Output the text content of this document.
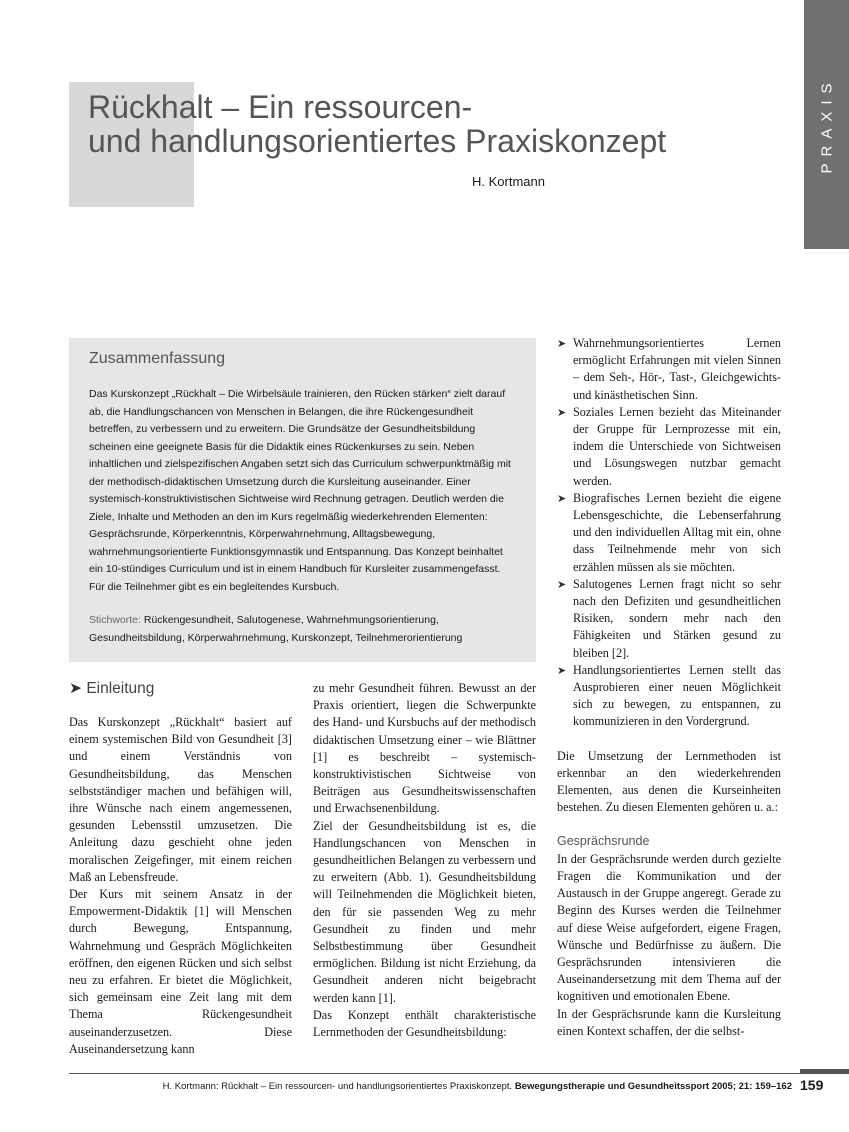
PRAXIS
Rückhalt – Ein ressourcen-
und handlungsorientiertes Praxiskonzept
H. Kortmann
Zusammenfassung

Das Kurskonzept „Rückhalt – Die Wirbelsäule trainieren, den Rücken stärken“ zielt darauf ab, die Handlungschancen von Menschen in Belangen, die ihre Rückengesundheit betreffen, zu verbessern und zu erweitern. Die Grundsätze der Gesundheitsbildung scheinen eine geeignete Basis für die Didaktik eines Rückenkurses zu sein. Neben inhaltlichen und zielspezifischen Angaben setzt sich das Curriculum schwerpunktmäßig mit der methodisch-didaktischen Umsetzung durch die Kursleitung auseinander. Einer systemisch-konstruktivistischen Sichtweise wird Rechnung getragen. Deutlich werden die Ziele, Inhalte und Methoden an den im Kurs regelmäßig wiederkehrenden Elementen: Gesprächsrunde, Körperkenntnis, Körperwahrnehmung, Alltagsbewegung, wahrnehmungsorientierte Funktionsgymnastik und Entspannung. Das Konzept beinhaltet ein 10-stündiges Curriculum und ist in einem Handbuch für Kursleiter zusammengefasst. Für die Teilnehmer gibt es ein begleitendes Kursbuch.

Stichworte: Rückengesundheit, Salutogenese, Wahrnehmungsorientierung, Gesundheitsbildung, Körperwahrnehmung, Kurskonzept, Teilnehmerorientierung

➤ Einleitung

Das Kurskonzept „Rückhalt“ basiert auf einem systemischen Bild von Gesundheit [3] und einem Verständnis von Gesundheitsbildung, das Menschen selbstständiger machen und befähigen will, ihre Wünsche nach einem angemessenen, gesunden Lebensstil umzusetzen. Die Anleitung dazu geschieht ohne jeden moralischen Zeigefinger, mit einem reichen Maß an Lebensfreude.

Der Kurs mit seinem Ansatz in der Empowerment-Didaktik [1] will Menschen durch Bewegung, Entspannung, Wahrnehmung und Gespräch Möglichkeiten eröffnen, den eigenen Rücken und sich selbst neu zu erfahren. Er bietet die Möglichkeit, sich gemeinsam eine Zeit lang mit dem Thema Rückengesundheit auseinanderzusetzen. Diese Auseinandersetzung kann

zu mehr Gesundheit führen. Bewusst an der Praxis orientiert, liegen die Schwerpunkte des Hand- und Kursbuchs auf der methodisch didaktischen Umsetzung einer – wie Blättner [1] es beschreibt – systemisch-konstruktivistischen Sichtweise von Beiträgen aus Gesundheitswissenschaften und Erwachsenenbildung.

Ziel der Gesundheitsbildung ist es, die Handlungschancen von Menschen in gesundheitlichen Belangen zu verbessern und zu erweitern (Abb. 1). Gesundheitsbildung will Teilnehmenden die Möglichkeit bieten, den für sie passenden Weg zu mehr Gesundheit zu finden und mehr Selbstbestimmung über Gesundheit ermöglichen. Bildung ist nicht Erziehung, da Gesundheit anderen nicht beigebracht werden kann [1].

Das Konzept enthält charakteristische Lernmethoden der Gesundheitsbildung:

➤ Wahrnehmungsorientiertes Lernen ermöglicht Erfahrungen mit vielen Sinnen – dem Seh-, Hör-, Tast-, Gleichgewichts- und kinästhetischen Sinn.
➤ Soziales Lernen bezieht das Miteinander der Gruppe für Lernprozesse mit ein, indem die Unterschiede von Sichtweisen und Lösungswegen nutzbar gemacht werden.
➤ Biografisches Lernen bezieht die eigene Lebensgeschichte, die Lebenserfahrung und den individuellen Alltag mit ein, ohne dass Teilnehmende mehr von sich erzählen müssen als sie möchten.
➤ Salutogenes Lernen fragt nicht so sehr nach den Defiziten und gesundheitlichen Risiken, sondern mehr nach den Fähigkeiten und Stärken gesund zu bleiben [2].
➤ Handlungsorientiertes Lernen stellt das Ausprobieren einer neuen Möglichkeit sich zu bewegen, zu entspannen, zu kommunizieren in den Vordergrund.

Die Umsetzung der Lernmethoden ist erkennbar an den wiederkehrenden Elementen, aus denen die Kurseinheiten bestehen. Zu diesen Elementen gehören u. a.:

Gesprächsrunde

In der Gesprächsrunde werden durch gezielte Fragen die Kommunikation und der Austausch in der Gruppe angeregt. Gerade zu Beginn des Kurses werden die Teilnehmer auf diese Weise aufgefordert, eigene Fragen, Wünsche und Bedürfnisse zu äußern. Die Gesprächsrunden intensivieren die Auseinandersetzung mit dem Thema auf der kognitiven und emotionalen Ebene.

In der Gesprächsrunde kann die Kursleitung einen Kontext schaffen, der die selbst-

H. Kortmann: Rückhalt – Ein ressourcen- und handlungsorientiertes Praxiskonzept. Bewegungstherapie und Gesundheitssport 2005; 21: 159–162 159
